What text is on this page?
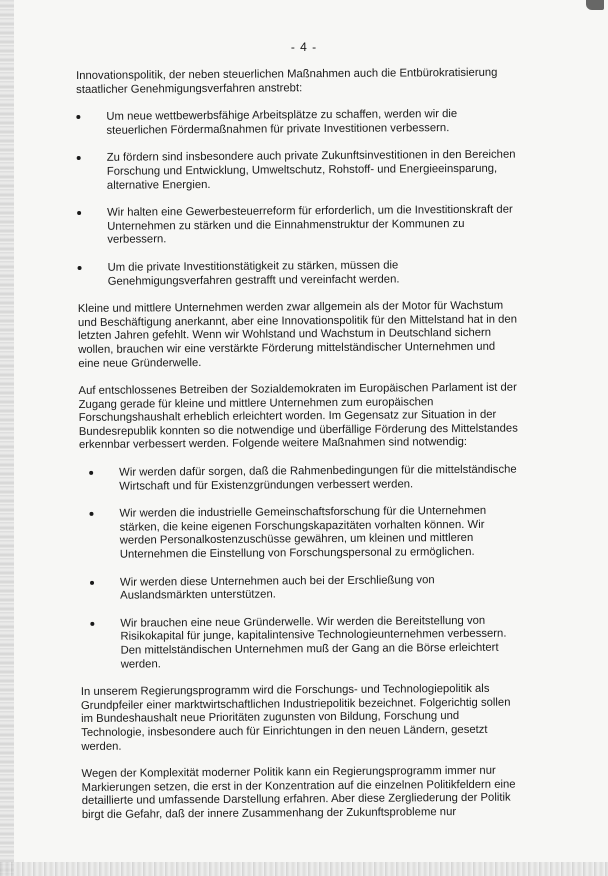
- 4 -

Innovationspolitik, der neben steuerlichen Maßnahmen auch die Entbürokratisierung staatlicher Genehmigungsverfahren anstrebt:

Um neue wettbewerbsfähige Arbeitsplätze zu schaffen, werden wir die steuerlichen Fördermaßnahmen für private Investitionen verbessern.
Zu fördern sind insbesondere auch private Zukunftsinvestitionen in den Bereichen Forschung und Entwicklung, Umweltschutz, Rohstoff- und Energieeinsparung, alternative Energien.
Wir halten eine Gewerbesteuerreform für erforderlich, um die Investitionskraft der Unternehmen zu stärken und die Einnahmenstruktur der Kommunen zu verbessern.
Um die private Investitionstätigkeit zu stärken, müssen die Genehmigungsverfahren gestrafft und vereinfacht werden.

Kleine und mittlere Unternehmen werden zwar allgemein als der Motor für Wachstum und Beschäftigung anerkannt, aber eine Innovationspolitik für den Mittelstand hat in den letzten Jahren gefehlt. Wenn wir Wohlstand und Wachstum in Deutschland sichern wollen, brauchen wir eine verstärkte Förderung mittelständischer Unternehmen und eine neue Gründerwelle.

Auf entschlossenes Betreiben der Sozialdemokraten im Europäischen Parlament ist der Zugang gerade für kleine und mittlere Unternehmen zum europäischen Forschungshaushalt erheblich erleichtert worden. Im Gegensatz zur Situation in der Bundesrepublik konnten so die notwendige und überfällige Förderung des Mittelstandes erkennbar verbessert werden. Folgende weitere Maßnahmen sind notwendig:

Wir werden dafür sorgen, daß die Rahmenbedingungen für die mittelständische Wirtschaft und für Existenzgründungen verbessert werden.
Wir werden die industrielle Gemeinschaftsforschung für die Unternehmen stärken, die keine eigenen Forschungskapazitäten vorhalten können. Wir werden Personalkostenzuschüsse gewähren, um kleinen und mittleren Unternehmen die Einstellung von Forschungspersonal zu ermöglichen.
Wir werden diese Unternehmen auch bei der Erschließung von Auslandsmärkten unterstützen.
Wir brauchen eine neue Gründerwelle. Wir werden die Bereitstellung von Risikokapital für junge, kapitalintensive Technologieunternehmen verbessern. Den mittelständischen Unternehmen muß der Gang an die Börse erleichtert werden.

In unserem Regierungsprogramm wird die Forschungs- und Technologiepolitik als Grundpfeiler einer marktwirtschaftlichen Industriepolitik bezeichnet. Folgerichtig sollen im Bundeshaushalt neue Prioritäten zugunsten von Bildung, Forschung und Technologie, insbesondere auch für Einrichtungen in den neuen Ländern, gesetzt werden.

Wegen der Komplexität moderner Politik kann ein Regierungsprogramm immer nur Markierungen setzen, die erst in der Konzentration auf die einzelnen Politikfeldern eine detaillierte und umfassende Darstellung erfahren. Aber diese Zergliederung der Politik birgt die Gefahr, daß der innere Zusammenhang der Zukunftsprobleme nur
